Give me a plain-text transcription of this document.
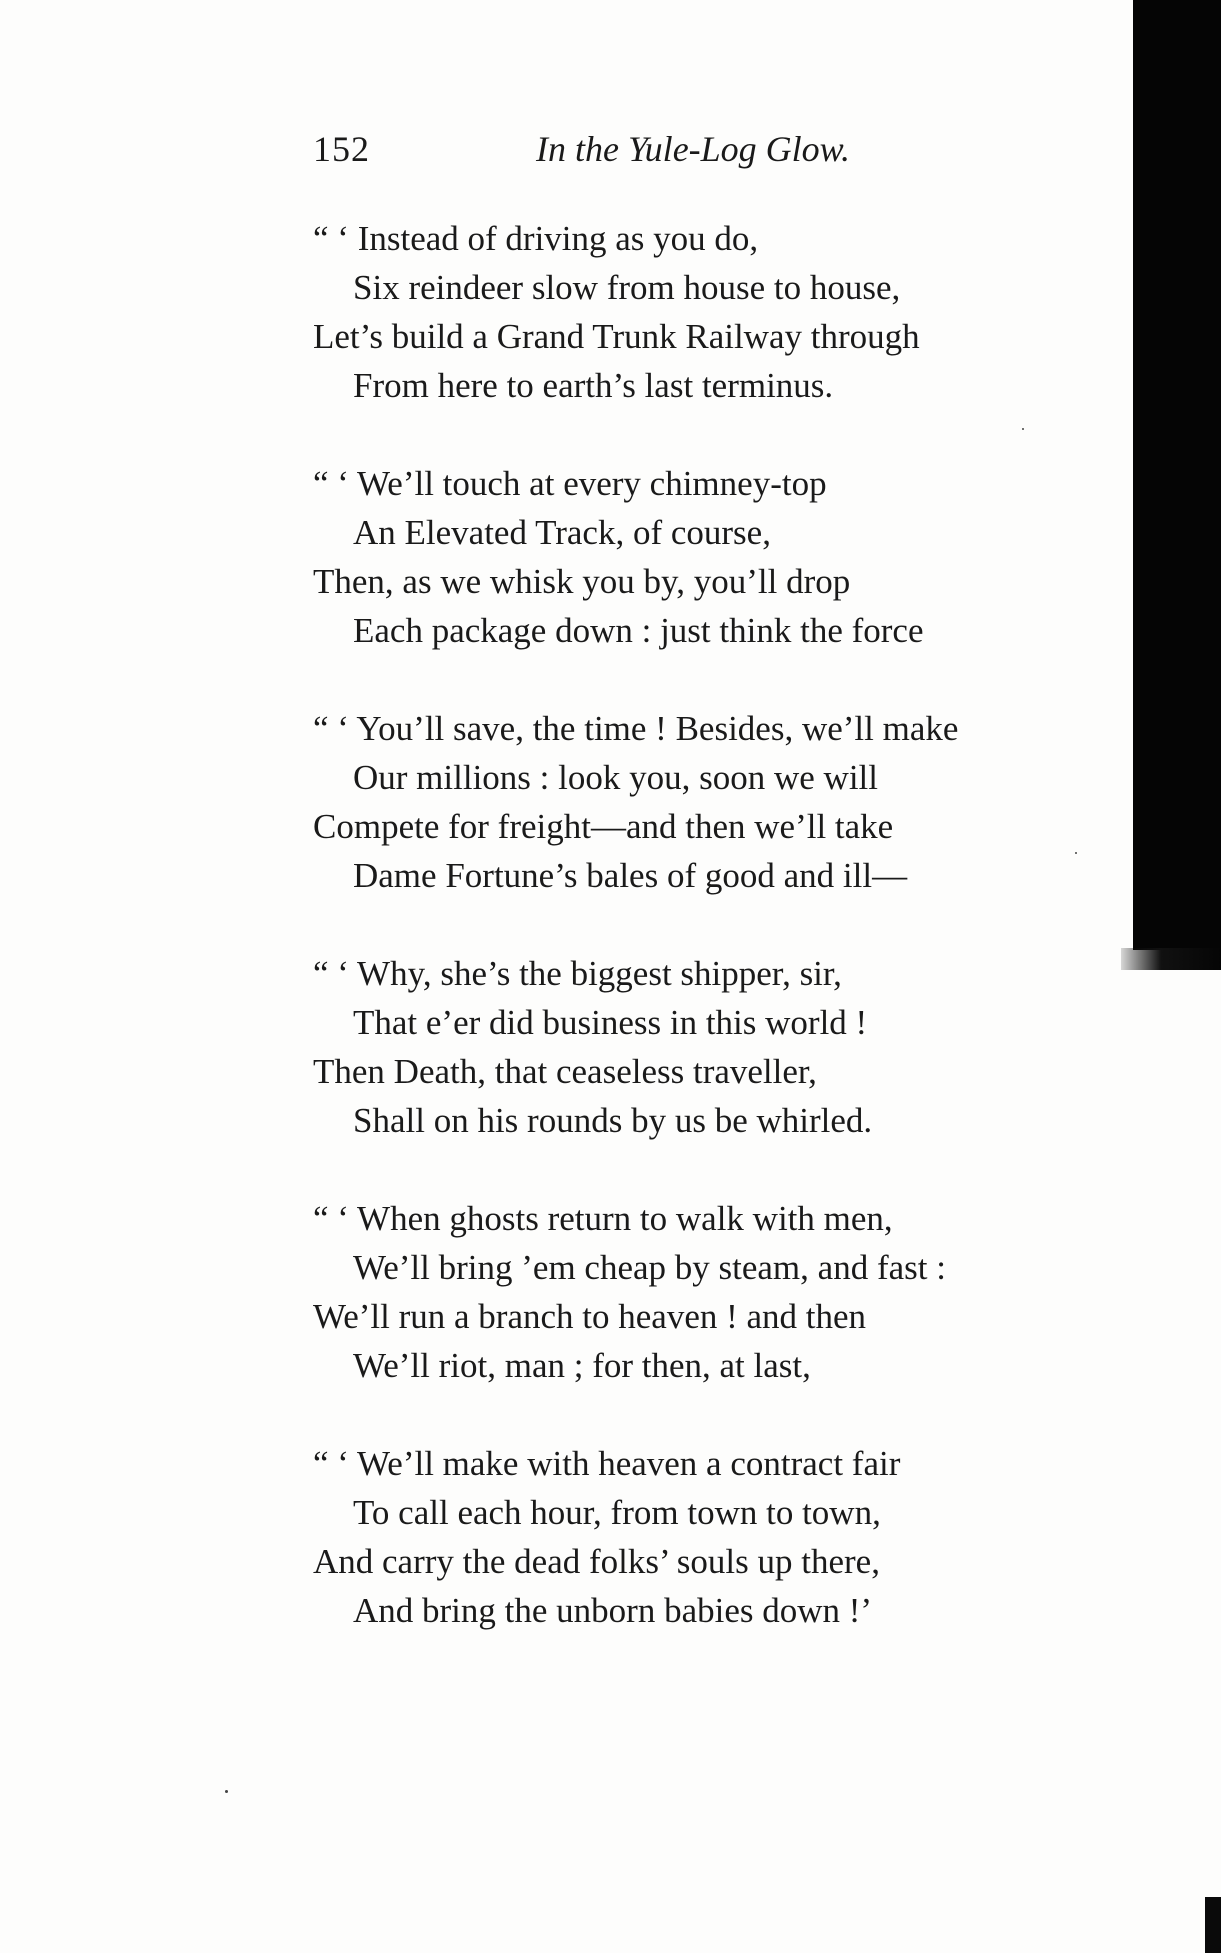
152	In the Yule-Log Glow.
“ ‘ Instead of driving as you do,
Six reindeer slow from house to house,
Let’s build a Grand Trunk Railway through
From here to earth’s last terminus.
“ ‘ We’ll touch at every chimney-top
An Elevated Track, of course,
Then, as we whisk you by, you’ll drop
Each package down : just think the force
“ ‘ You’ll save, the time ! Besides, we’ll make
Our millions : look you, soon we will
Compete for freight—and then we’ll take
Dame Fortune’s bales of good and ill—
“ ‘ Why, she’s the biggest shipper, sir,
That e’er did business in this world !
Then Death, that ceaseless traveller,
Shall on his rounds by us be whirled.
“ ‘ When ghosts return to walk with men,
We’ll bring ’em cheap by steam, and fast :
We’ll run a branch to heaven ! and then
We’ll riot, man ; for then, at last,
“ ‘ We’ll make with heaven a contract fair
To call each hour, from town to town,
And carry the dead folks’ souls up there,
And bring the unborn babies down !’
